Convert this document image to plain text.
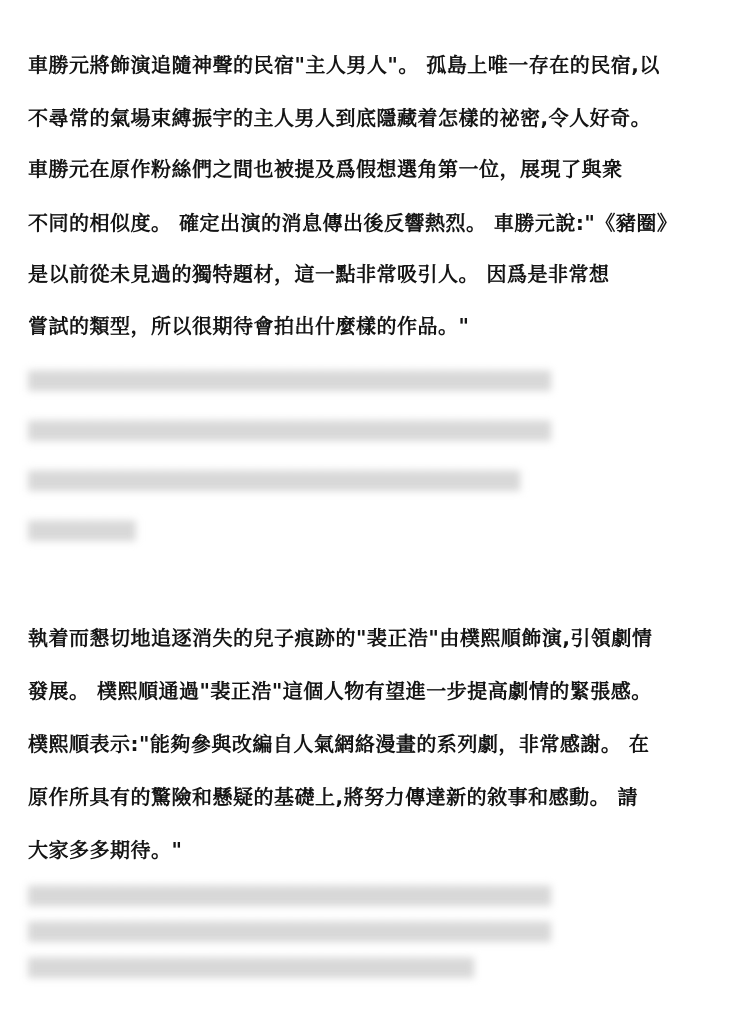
車勝元將飾演追隨神聲的民宿"主人男人"。 孤島上唯一存在的民宿,以
不尋常的氣場束縛振宇的主人男人到底隱藏着怎樣的祕密,令人好奇。
車勝元在原作粉絲們之間也被提及爲假想選角第一位，展現了與衆
不同的相似度。 確定出演的消息傳出後反響熱烈。 車勝元說:"《豬圈》
是以前從未見過的獨特題材，這一點非常吸引人。 因爲是非常想
嘗試的類型，所以很期待會拍出什麼樣的作品。"
▇▇▇▇▇▇▇▇▇▇▇▇▇▇▇▇▇▇▇▇▇▇▇▇▇▇▇▇▇▇▇▇▇▇
▇▇▇▇▇▇▇▇▇▇▇▇▇▇▇▇▇▇▇▇▇▇▇▇▇▇▇▇▇▇▇▇▇▇
▇▇▇▇▇▇▇▇▇▇▇▇▇▇▇▇▇▇▇▇▇▇▇▇▇▇▇▇▇▇▇▇
▇▇▇▇▇▇▇
執着而懇切地追逐消失的兒子痕跡的"裴正浩"由樸熙順飾演,引領劇情
發展。 樸熙順通過"裴正浩"這個人物有望進一步提高劇情的緊張感。
樸熙順表示:"能夠參與改編自人氣網絡漫畫的系列劇，非常感謝。 在
原作所具有的驚險和懸疑的基礎上,將努力傳達新的敘事和感動。 請
大家多多期待。"
▇▇▇▇▇▇▇▇▇▇▇▇▇▇▇▇▇▇▇▇▇▇▇▇▇▇▇▇▇▇▇▇▇▇
▇▇▇▇▇▇▇▇▇▇▇▇▇▇▇▇▇▇▇▇▇▇▇▇▇▇▇▇▇▇▇▇▇▇
▇▇▇▇▇▇▇▇▇▇▇▇▇▇▇▇▇▇▇▇▇▇▇▇▇▇▇▇▇
